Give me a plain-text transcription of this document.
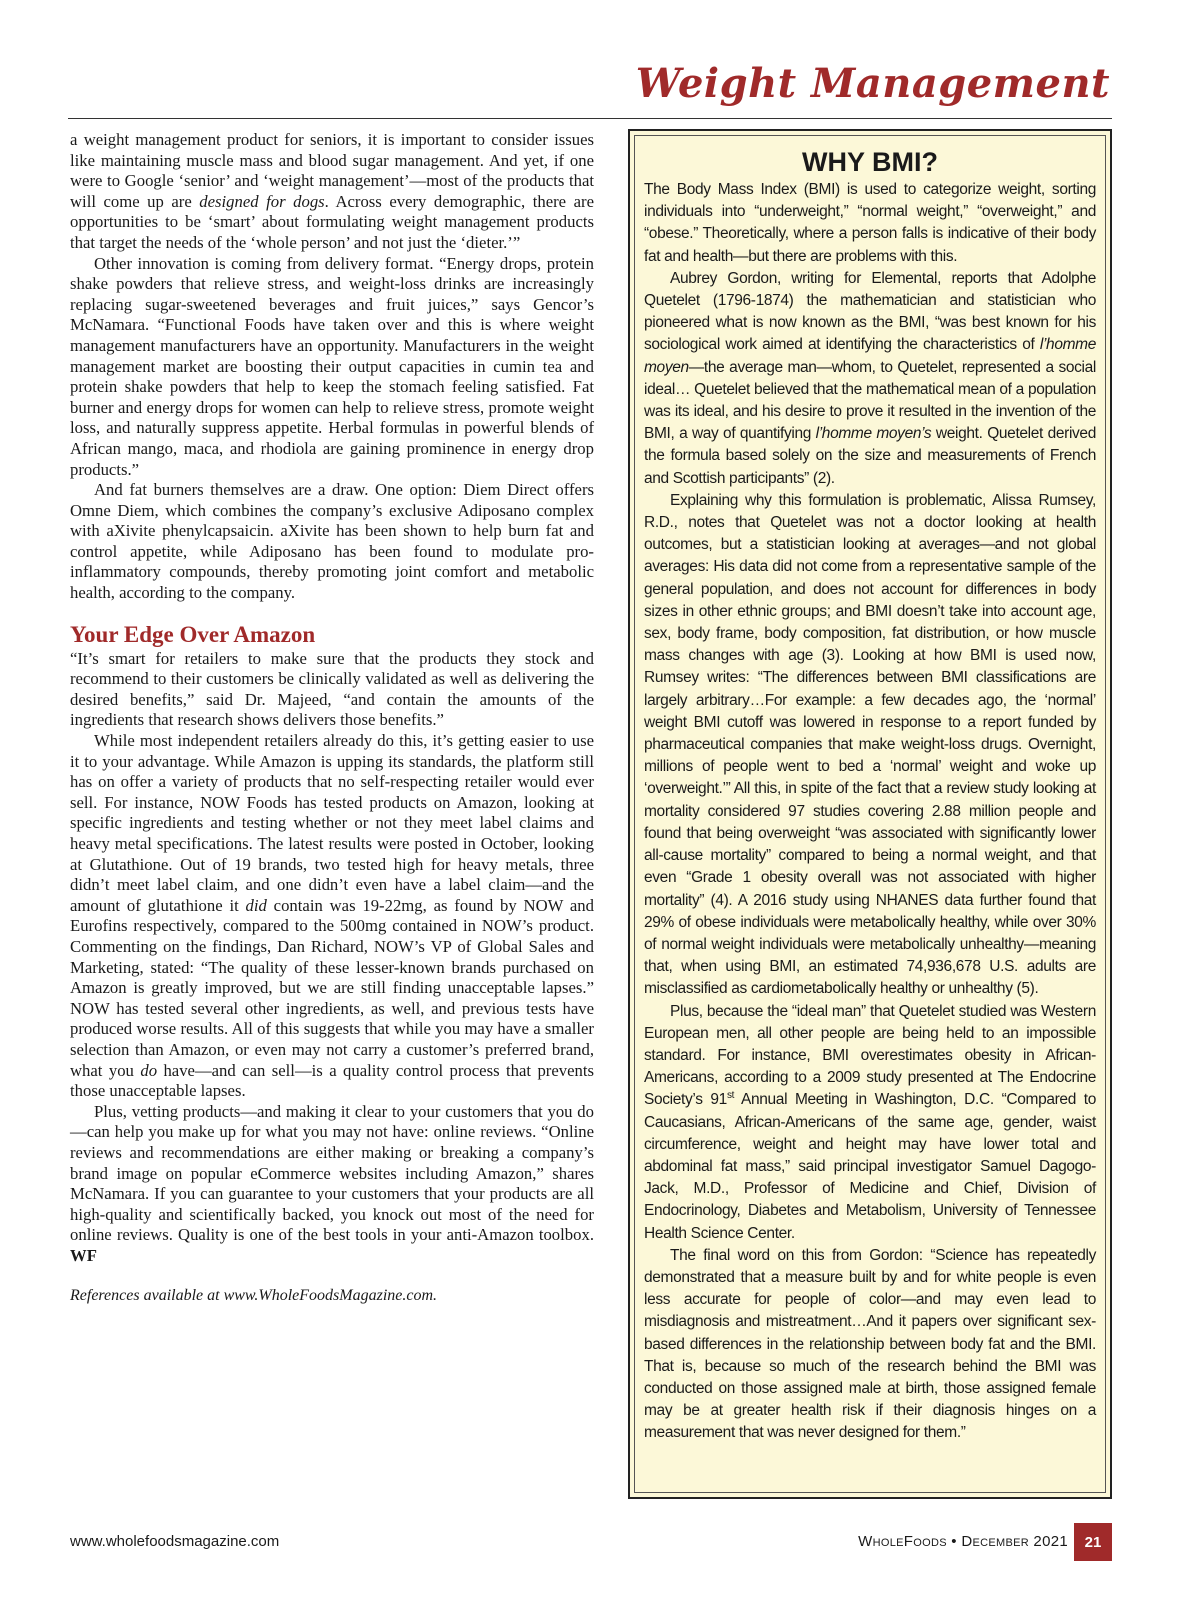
Weight Management

a weight management product for seniors, it is important to consider issues like maintaining muscle mass and blood sugar management. And yet, if one were to Google ‘senior’ and ‘weight management’—most of the products that will come up are designed for dogs. Across every demographic, there are opportunities to be ‘smart’ about formulating weight management products that target the needs of the ‘whole person’ and not just the ‘dieter.’”

Other innovation is coming from delivery format. “Energy drops, protein shake powders that relieve stress, and weight-loss drinks are increasingly replacing sugar-sweetened beverages and fruit juices,” says Gencor’s McNamara. “Functional Foods have taken over and this is where weight management manufacturers have an opportunity. Manufacturers in the weight management market are boosting their output capacities in cumin tea and protein shake powders that help to keep the stomach feeling satisfied. Fat burner and energy drops for women can help to relieve stress, promote weight loss, and naturally suppress appetite. Herbal formulas in powerful blends of African mango, maca, and rhodiola are gaining prominence in energy drop products.”

And fat burners themselves are a draw. One option: Diem Direct offers Omne Diem, which combines the company’s exclusive Adiposano complex with aXivite phenylcapsaicin. aXivite has been shown to help burn fat and control appetite, while Adiposano has been found to modulate pro-inflammatory compounds, thereby promoting joint comfort and metabolic health, according to the company.

Your Edge Over Amazon

“It’s smart for retailers to make sure that the products they stock and recommend to their customers be clinically validated as well as delivering the desired benefits,” said Dr. Majeed, “and contain the amounts of the ingredients that research shows delivers those benefits.”

While most independent retailers already do this, it’s getting easier to use it to your advantage. While Amazon is upping its standards, the platform still has on offer a variety of products that no self-respecting retailer would ever sell. For instance, NOW Foods has tested products on Amazon, looking at specific ingredients and testing whether or not they meet label claims and heavy metal specifications. The latest results were posted in October, looking at Glutathione. Out of 19 brands, two tested high for heavy metals, three didn’t meet label claim, and one didn’t even have a label claim—and the amount of glutathione it did contain was 19-22mg, as found by NOW and Eurofins respectively, compared to the 500mg contained in NOW’s product. Commenting on the findings, Dan Richard, NOW’s VP of Global Sales and Marketing, stated: “The quality of these lesser-known brands purchased on Amazon is greatly improved, but we are still finding unacceptable lapses.” NOW has tested several other ingredients, as well, and previous tests have produced worse results. All of this suggests that while you may have a smaller selection than Amazon, or even may not carry a customer’s preferred brand, what you do have—and can sell—is a quality control process that prevents those unacceptable lapses.

Plus, vetting products—and making it clear to your customers that you do—can help you make up for what you may not have: online reviews. “Online reviews and recommendations are either making or breaking a company’s brand image on popular eCommerce websites including Amazon,” shares McNamara. If you can guarantee to your customers that your products are all high-quality and scientifically backed, you knock out most of the need for online reviews. Quality is one of the best tools in your anti-Amazon toolbox. WF

References available at www.WholeFoodsMagazine.com.

WHY BMI?

The Body Mass Index (BMI) is used to categorize weight, sorting individuals into “underweight,” “normal weight,” “overweight,” and “obese.” Theoretically, where a person falls is indicative of their body fat and health—but there are problems with this.

Aubrey Gordon, writing for Elemental, reports that Adolphe Quetelet (1796-1874) the mathematician and statistician who pioneered what is now known as the BMI, “was best known for his sociological work aimed at identifying the characteristics of l’homme moyen—the average man—whom, to Quetelet, represented a social ideal… Quetelet believed that the mathematical mean of a population was its ideal, and his desire to prove it resulted in the invention of the BMI, a way of quantifying l’homme moyen’s weight. Quetelet derived the formula based solely on the size and measurements of French and Scottish participants” (2).

Explaining why this formulation is problematic, Alissa Rumsey, R.D., notes that Quetelet was not a doctor looking at health outcomes, but a statistician looking at averages—and not global averages: His data did not come from a representative sample of the general population, and does not account for differences in body sizes in other ethnic groups; and BMI doesn’t take into account age, sex, body frame, body composition, fat distribution, or how muscle mass changes with age (3). Looking at how BMI is used now, Rumsey writes: “The differences between BMI classifications are largely arbitrary…For example: a few decades ago, the ‘normal’ weight BMI cutoff was lowered in response to a report funded by pharmaceutical companies that make weight-loss drugs. Overnight, millions of people went to bed a ‘normal’ weight and woke up ‘overweight.’” All this, in spite of the fact that a review study looking at mortality considered 97 studies covering 2.88 million people and found that being overweight “was associated with significantly lower all-cause mortality” compared to being a normal weight, and that even “Grade 1 obesity overall was not associated with higher mortality” (4). A 2016 study using NHANES data further found that 29% of obese individuals were metabolically healthy, while over 30% of normal weight individuals were metabolically unhealthy—meaning that, when using BMI, an estimated 74,936,678 U.S. adults are misclassified as cardiometabolically healthy or unhealthy (5).

Plus, because the “ideal man” that Quetelet studied was Western European men, all other people are being held to an impossible standard. For instance, BMI overestimates obesity in African-Americans, according to a 2009 study presented at The Endocrine Society’s 91st Annual Meeting in Washington, D.C. “Compared to Caucasians, African-Americans of the same age, gender, waist circumference, weight and height may have lower total and abdominal fat mass,” said principal investigator Samuel Dagogo-Jack, M.D., Professor of Medicine and Chief, Division of Endocrinology, Diabetes and Metabolism, University of Tennessee Health Science Center.

The final word on this from Gordon: “Science has repeatedly demonstrated that a measure built by and for white people is even less accurate for people of color—and may even lead to misdiagnosis and mistreatment…And it papers over significant sex-based differences in the relationship between body fat and the BMI. That is, because so much of the research behind the BMI was conducted on those assigned male at birth, those assigned female may be at greater health risk if their diagnosis hinges on a measurement that was never designed for them.”

www.wholefoodsmagazine.com	WholeFoods • December 2021	21
